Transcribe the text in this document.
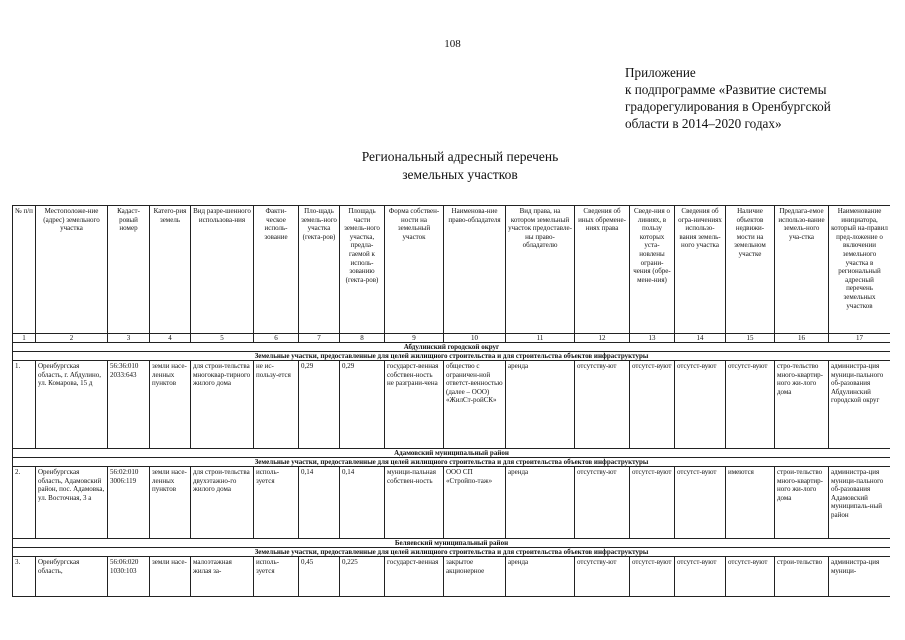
108
Приложение
к подпрограмме «Развитие системы
градорегулирования в Оренбургской
области в 2014–2020 годах»
Региональный адресный перечень
земельных участков
№ п/п	Местоположе-ние (адрес) земельного участка	Кадаст-ровый номер	Катего-рия земель	Вид разре-шенного использова-ния	Факти-ческое исполь-зование	Пло-щадь земель-ного участка (гекта-ров)	Площадь части земель-ного участка, предла-гаемой к исполь-зованию (гекта-ров)	Форма собствен-ности на земельный участок	Наименова-ние право-обладателя	Вид права, на котором земельный участок предоставле-ны право-обладателю	Сведения об иных обремене-ниях права	Сведе-ния о линиях, в пользу которых уста-новлены ограни-чения (обре-мене-ния)	Сведения об огра-ничениях использо-вания земель-ного участка	Наличие объектов недвижи-мости на земельном участке	Предлага-емое использо-вание земель-ного уча-стка	Наименование инициатора, который на-правил пред-ложение о включении земельного участка в региональный адресный перечень земельных участков
1	2	3	4	5	6	7	8	9	10	11	12	13	14	15	16	17
Абдулинский городской округ																
Земельные участки, предоставленные для целей жилищного строительства и для строительства объектов инфраструктуры																
1.	Оренбургская область, г. Абдулино, ул. Комарова, 15 д	56:36:010 2033:643	земли насе-ленных пунктов	для строи-тельства многоквар-тирного жилого дома	не ис-пользу-ется	0,29	0,29	государст-венная собствен-ность не разграни-чена	общество с ограничен-ной ответст-венностью (далее – ООО) «ЖилСт-ройСК»	аренда	отсутству-ют	отсутст-вуют	отсутст-вуют	отсутст-вуют	стро-тельство много-квартир-ного жи-лого дома	администра-ция муници-пального об-разования Абдулинский городской округ
Адамовский муниципальный район																
Земельные участки, предоставленные для целей жилищного строительства и для строительства объектов инфраструктуры																
2.	Оренбургская область, Адамовский район, пос. Адамовка, ул. Восточная, 3 а	56:02:010 3006:119	земли насе-ленных пунктов	для строи-тельства двухэтажно-го жилого дома	исполь-зуется	0,14	0,14	муници-пальная собствен-ность	ООО СП «Стройпо-таж»	аренда	отсутству-ют	отсутст-вуют	отсутст-вуют	имеются	строи-тельство много-квартир-ного жи-лого дома	администра-ция муници-пального об-разования Адамовский муниципаль-ный район
Беляевский муниципальный район																
Земельные участки, предоставленные для целей жилищного строительства и для строительства объектов инфраструктуры																
3.	Оренбургская область,	56:06:020 1030:103	земли насе-	малоэтажная жилая за-	исполь-зуется	0,45	0,225	государст-венная	закрытое акционерное	аренда	отсутству-ют	отсутст-вуют	отсутст-вуют	отсутст-вуют	строи-тельство	администра-ция муници-
